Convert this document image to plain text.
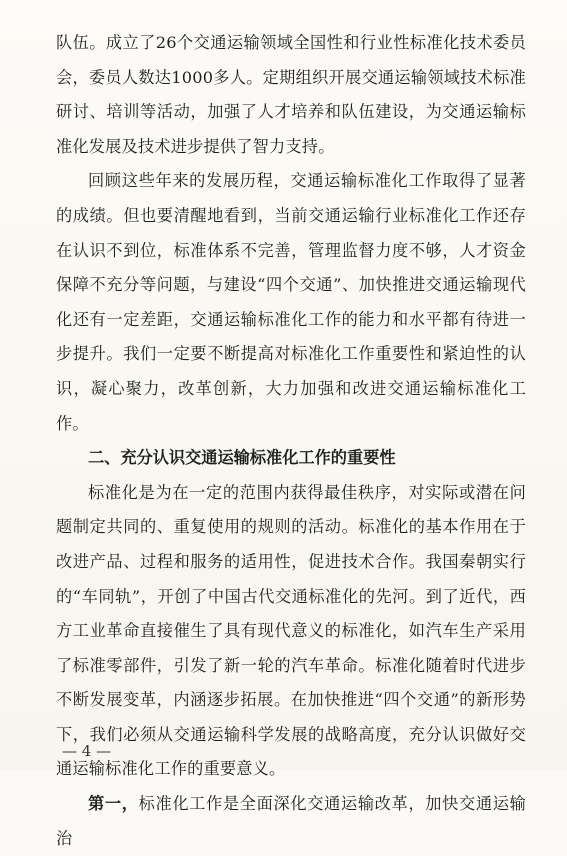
队伍。成立了26个交通运输领域全国性和行业性标准化技术委员会，委员人数达1000多人。定期组织开展交通运输领域技术标准研讨、培训等活动，加强了人才培养和队伍建设，为交通运输标准化发展及技术进步提供了智力支持。

回顾这些年来的发展历程，交通运输标准化工作取得了显著的成绩。但也要清醒地看到，当前交通运输行业标准化工作还存在认识不到位，标准体系不完善，管理监督力度不够，人才资金保障不充分等问题，与建设“四个交通”、加快推进交通运输现代化还有一定差距，交通运输标准化工作的能力和水平都有待进一步提升。我们一定要不断提高对标准化工作重要性和紧迫性的认识，凝心聚力，改革创新，大力加强和改进交通运输标准化工作。

二、充分认识交通运输标准化工作的重要性

标准化是为在一定的范围内获得最佳秩序，对实际或潜在问题制定共同的、重复使用的规则的活动。标准化的基本作用在于改进产品、过程和服务的适用性，促进技术合作。我国秦朝实行的“车同轨”，开创了中国古代交通标准化的先河。到了近代，西方工业革命直接催生了具有现代意义的标准化，如汽车生产采用了标准零部件，引发了新一轮的汽车革命。标准化随着时代进步不断发展变革，内涵逐步拓展。在加快推进“四个交通”的新形势下，我们必须从交通运输科学发展的战略高度，充分认识做好交通运输标准化工作的重要意义。

第一，标准化工作是全面深化交通运输改革，加快交通运输治

— 4 —
